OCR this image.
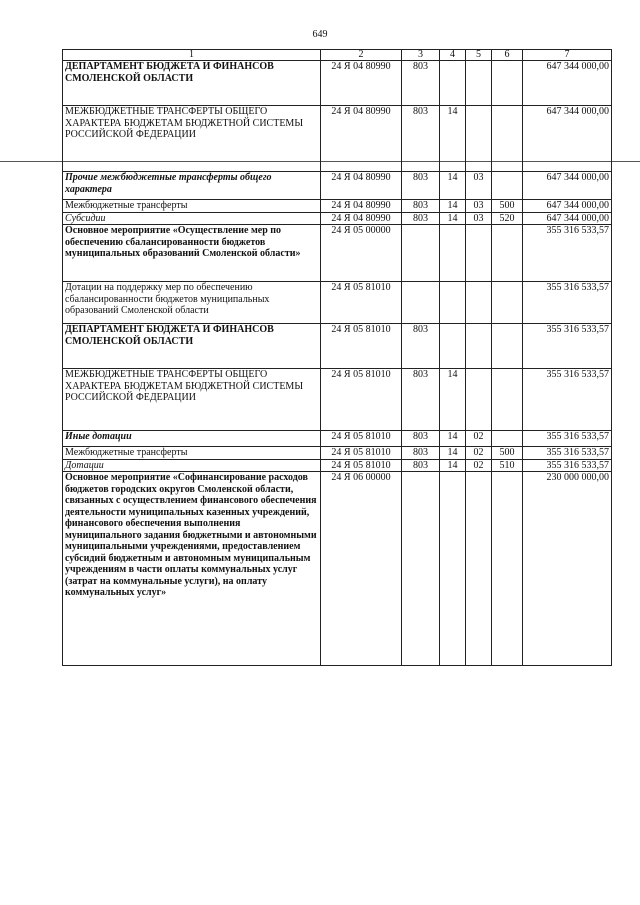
649
1	2	3	4	5	6	7
ДЕПАРТАМЕНТ БЮДЖЕТА И ФИНАНСОВ СМОЛЕНСКОЙ ОБЛАСТИ	24 Я 04 80990	803				647 344 000,00
МЕЖБЮДЖЕТНЫЕ ТРАНСФЕРТЫ ОБЩЕГО ХАРАКТЕРА БЮДЖЕТАМ БЮДЖЕТНОЙ СИСТЕМЫ РОССИЙСКОЙ ФЕДЕРАЦИИ	24 Я 04 80990	803	14			647 344 000,00
Прочие межбюджетные трансферты общего характера	24 Я 04 80990	803	14	03		647 344 000,00
Межбюджетные трансферты	24 Я 04 80990	803	14	03	500	647 344 000,00
Субсидии	24 Я 04 80990	803	14	03	520	647 344 000,00
Основное мероприятие «Осуществление мер по обеспечению сбалансированности бюджетов муниципальных образований Смоленской области»	24 Я 05 00000					355 316 533,57
Дотации на поддержку мер по обеспечению сбалансированности бюджетов муниципальных образований Смоленской области	24 Я 05 81010					355 316 533,57
ДЕПАРТАМЕНТ БЮДЖЕТА И ФИНАНСОВ СМОЛЕНСКОЙ ОБЛАСТИ	24 Я 05 81010	803				355 316 533,57
МЕЖБЮДЖЕТНЫЕ ТРАНСФЕРТЫ ОБЩЕГО ХАРАКТЕРА БЮДЖЕТАМ БЮДЖЕТНОЙ СИСТЕМЫ РОССИЙСКОЙ ФЕДЕРАЦИИ	24 Я 05 81010	803	14			355 316 533,57
Иные дотации	24 Я 05 81010	803	14	02		355 316 533,57
Межбюджетные трансферты	24 Я 05 81010	803	14	02	500	355 316 533,57
Дотации	24 Я 05 81010	803	14	02	510	355 316 533,57
Основное мероприятие «Софинансирование расходов бюджетов городских округов Смоленской области, связанных с осуществлением финансового обеспечения деятельности муниципальных казенных учреждений, финансового обеспечения выполнения муниципального задания бюджетными и автономными муниципальными учреждениями, предоставлением субсидий бюджетным и автономным муниципальным учреждениям в части оплаты коммунальных услуг (затрат на коммунальные услуги), на оплату коммунальных услуг»	24 Я 06 00000					230 000 000,00
